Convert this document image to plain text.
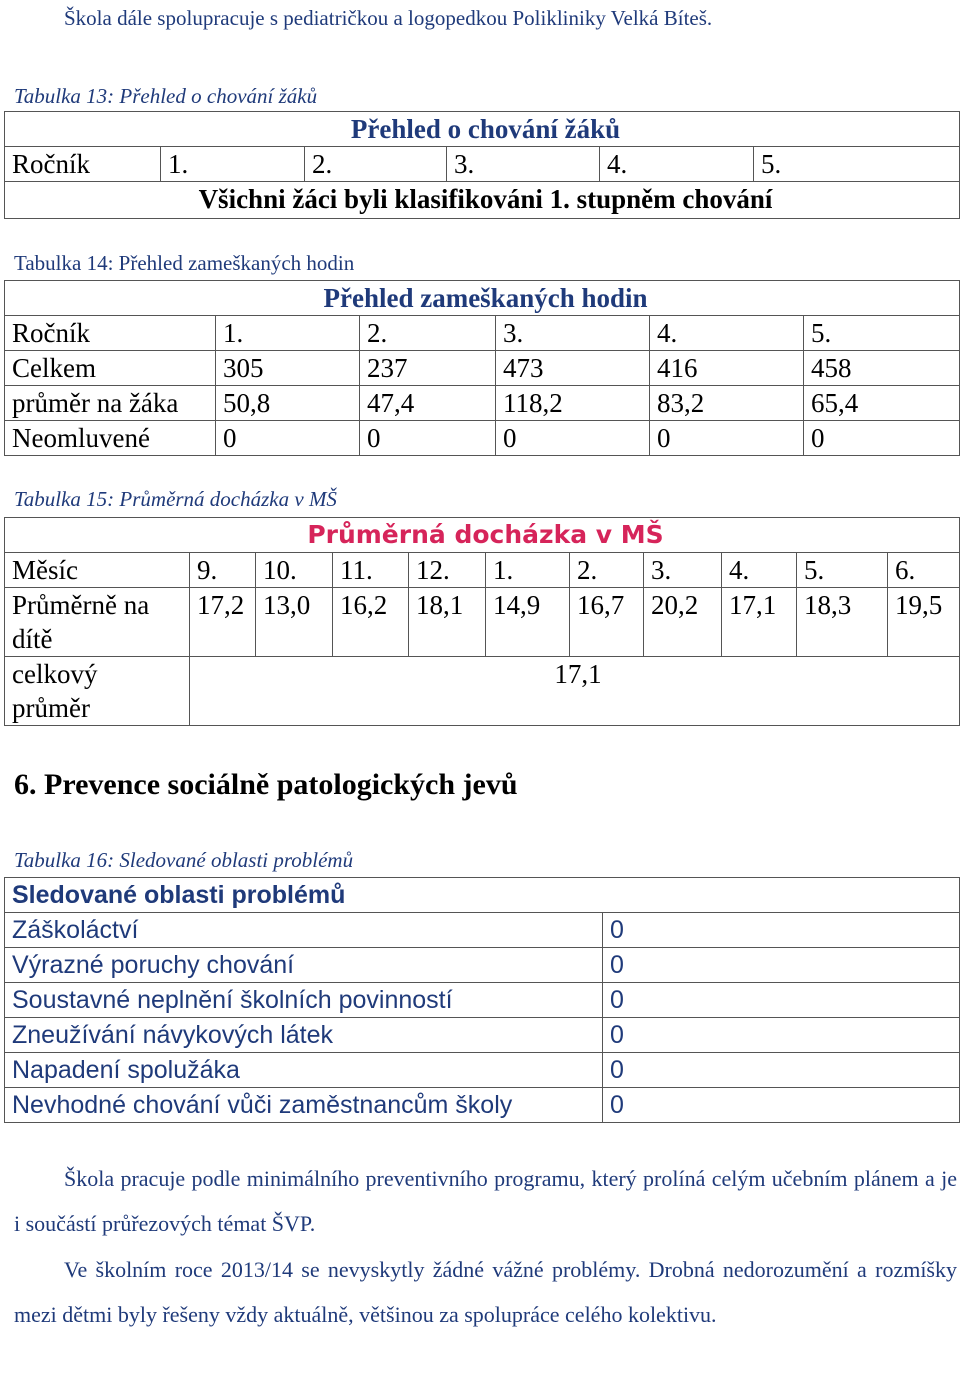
Škola dále spolupracuje s pediatričkou a logopedkou Polikliniky Velká Bíteš.
Tabulka 13: Přehled o chování žáků
Přehled o chování žáků
Ročník	1.	2.	3.	4.	5.
Všichni žáci byli klasifikováni 1. stupněm chování
Tabulka 14: Přehled zameškaných hodin
Přehled zameškaných hodin					
Ročník	1.	2.	3.	4.	5.
Celkem	305	237	473	416	458
průměr na žáka	50,8	47,4	118,2	83,2	65,4
Neomluvené	0	0	0	0	0
Tabulka 15: Průměrná docházka v MŠ
Průměrná docházka v MŠ										
Měsíc	9.	10.	11.	12.	1.	2.	3.	4.	5.	6.

Průměrně na
dítě	17,2	13,0	16,2	18,1	14,9	16,7	20,2	17,1	18,3	19,5

celkový
průměr	17,1									
6. Prevence sociálně patologických jevů
Tabulka 16: Sledované oblasti problémů
Sledované oblasti problémů	
Záškoláctví	0
Výrazné poruchy chování	0
Soustavné neplnění školních povinností	0
Zneužívání návykových látek	0
Napadení spolužáka	0
Nevhodné chování vůči zaměstnancům školy	0
Škola pracuje podle minimálního preventivního programu, který prolíná celým učebním plánem a je i součástí průřezových témat ŠVP.
Ve školním roce 2013/14 se nevyskytly žádné vážné problémy. Drobná nedorozumění a rozmíšky mezi dětmi byly řešeny vždy aktuálně, většinou za spolupráce celého kolektivu.
